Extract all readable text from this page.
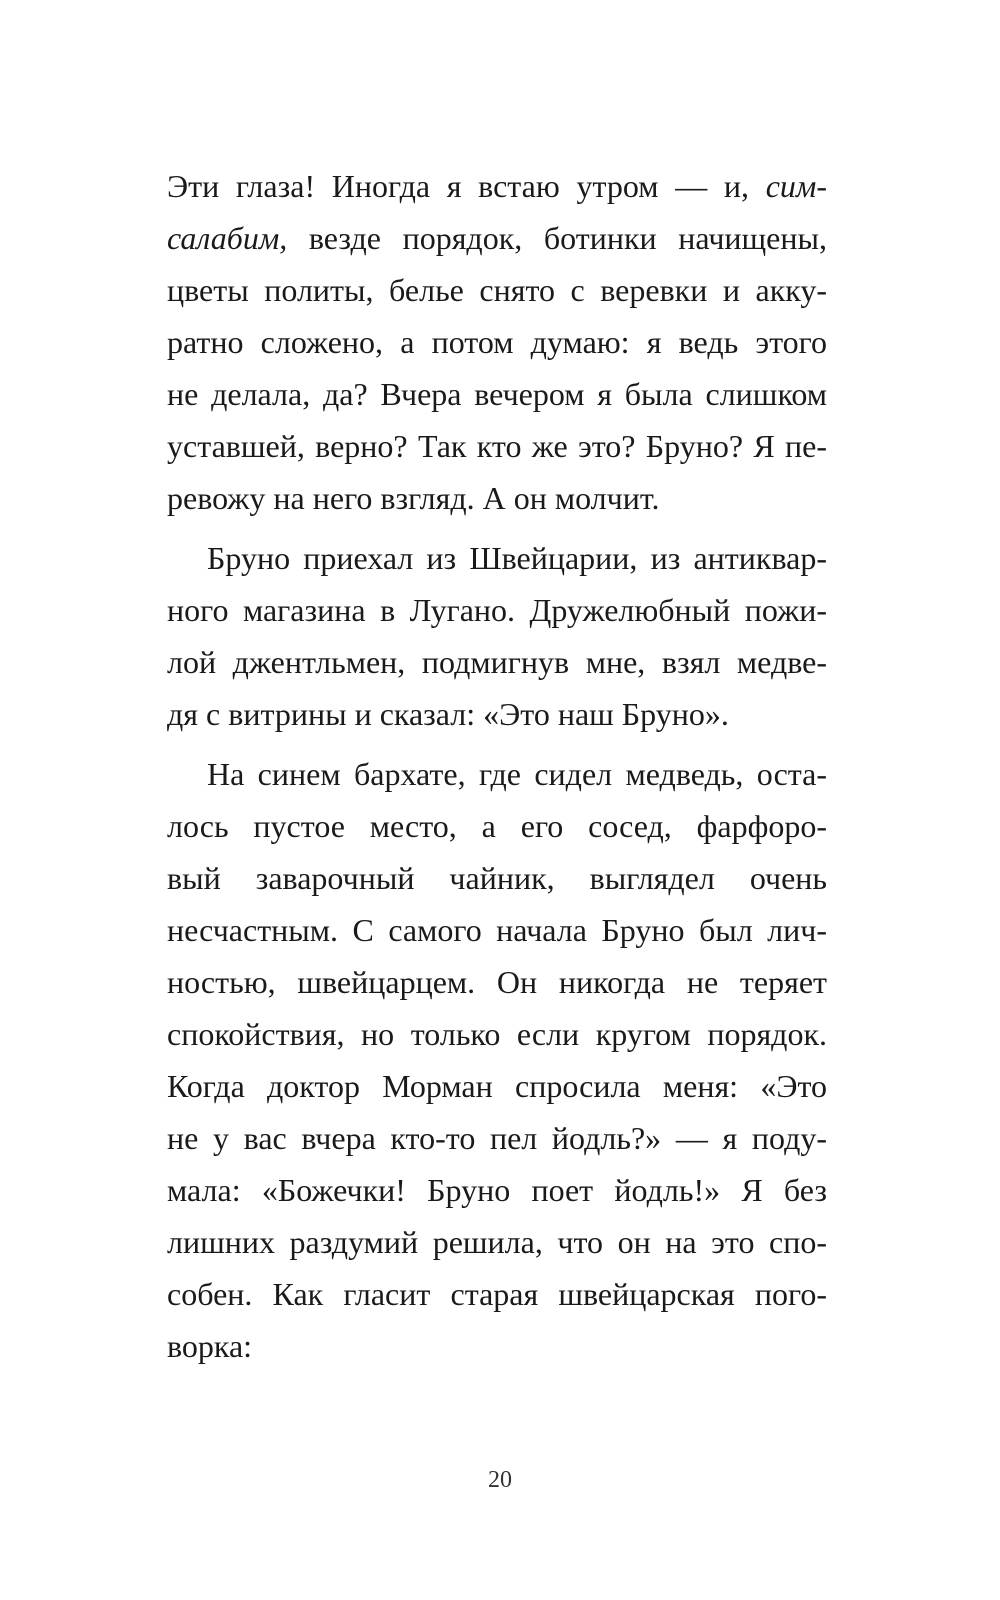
Эти глаза! Иногда я встаю утром — и, сим-
салабим, везде порядок, ботинки начищены,
цветы политы, белье снято с веревки и акку-
ратно сложено, а потом думаю: я ведь этого
не делала, да? Вчера вечером я была слишком
уставшей, верно? Так кто же это? Бруно? Я пе-
ревожу на него взгляд. А он молчит.
Бруно приехал из Швейцарии, из антиквар-
ного магазина в Лугано. Дружелюбный пожи-
лой джентльмен, подмигнув мне, взял медве-
дя с витрины и сказал: «Это наш Бруно».
На синем бархате, где сидел медведь, оста-
лось пустое место, а его сосед, фарфоро-
вый заварочный чайник, выглядел очень
несчастным. С самого начала Бруно был лич-
ностью, швейцарцем. Он никогда не теряет
спокойствия, но только если кругом порядок.
Когда доктор Морман спросила меня: «Это
не у вас вчера кто-то пел йодль?» — я поду-
мала: «Божечки! Бруно поет йодль!» Я без
лишних раздумий решила, что он на это спо-
собен. Как гласит старая швейцарская пого-
ворка:
20
